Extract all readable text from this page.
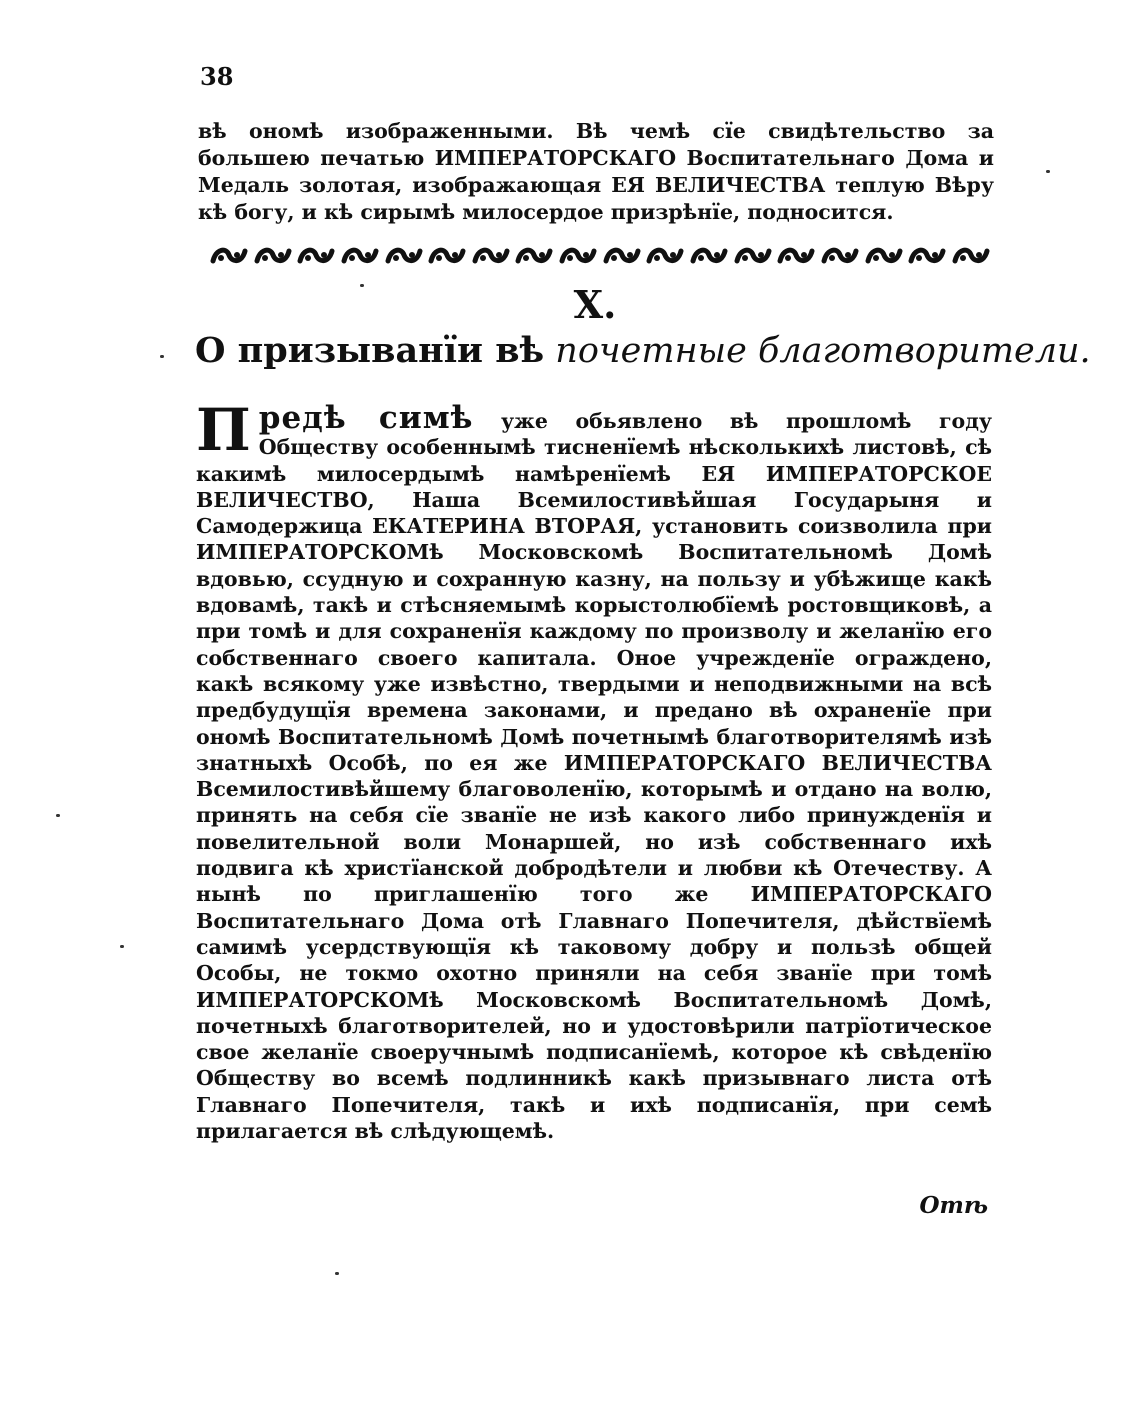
38
вѣ ономѣ изображенными. Вѣ чемѣ сїе свидѣтельство за большею печатью ИМПЕРАТОРСКАГО Воспитательнаго Дома и Медаль золотая, изображающая ЕЯ ВЕЛИЧЕСТВА теплую Вѣру кѣ богу, и кѣ сирымѣ милосердое призрѣнїе, подносится.
X.
О призыванїи вѣ почетные благотворители.
П редѣ симѣ уже обьявлено вѣ прошломѣ году Обществу особеннымѣ тисненїемѣ нѣсколькихѣ листовѣ, сѣ какимѣ милосердымѣ намѣренїемѣ ЕЯ ИМПЕРАТОРСКОЕ ВЕЛИЧЕСТВО, Наша Всемилостивѣйшая Государыня и Самодержица ЕКАТЕРИНА ВТОРАЯ, установить соизволила при ИМПЕРАТОРСКОМѣ Московскомѣ Воспитательномѣ Домѣ вдовью, ссудную и сохранную казну, на пользу и убѣжище какѣ вдовамѣ, такѣ и стѣсняемымѣ корыстолюбїемѣ ростовщиковѣ, а при томѣ и для сохраненїя каждому по произволу и желанїю его собственнаго своего капитала. Оное учрежденїе ограждено, какѣ всякому уже извѣстно, твердыми и неподвижными на всѣ предбудущїя времена законами, и предано вѣ охраненїе при ономѣ Воспитательномѣ Домѣ почетнымѣ благотворителямѣ изѣ знатныхѣ Особѣ, по ея же ИМПЕРАТОРСКАГО ВЕЛИЧЕСТВА Всемилостивѣйшему благоволенїю, которымѣ и отдано на волю, принять на себя сїе званїе не изѣ какого либо принужденїя и повелительной воли Монаршей, но изѣ собственнаго ихѣ подвига кѣ христїанской добродѣтели и любви кѣ Отечеству. А нынѣ по приглашенїю того же ИМПЕРАТОРСКАГО Воспитательнаго Дома отѣ Главнаго Попечителя, дѣйствїемѣ самимѣ усердствующїя кѣ таковому добру и пользѣ общей Особы, не токмо охотно приняли на себя званїе при томѣ ИМПЕРАТОРСКОМѣ Московскомѣ Воспитательномѣ Домѣ, почетныхѣ благотворителей, но и удостовѣрили патрїотическое свое желанїе своеручнымѣ подписанїемѣ, которое кѣ свѣденїю Обществу во всемѣ подлинникѣ какѣ призывнаго листа отѣ Главнаго Попечителя, такѣ и ихѣ подписанїя, при семѣ прилагается вѣ слѣдующемѣ.
Отѣ
